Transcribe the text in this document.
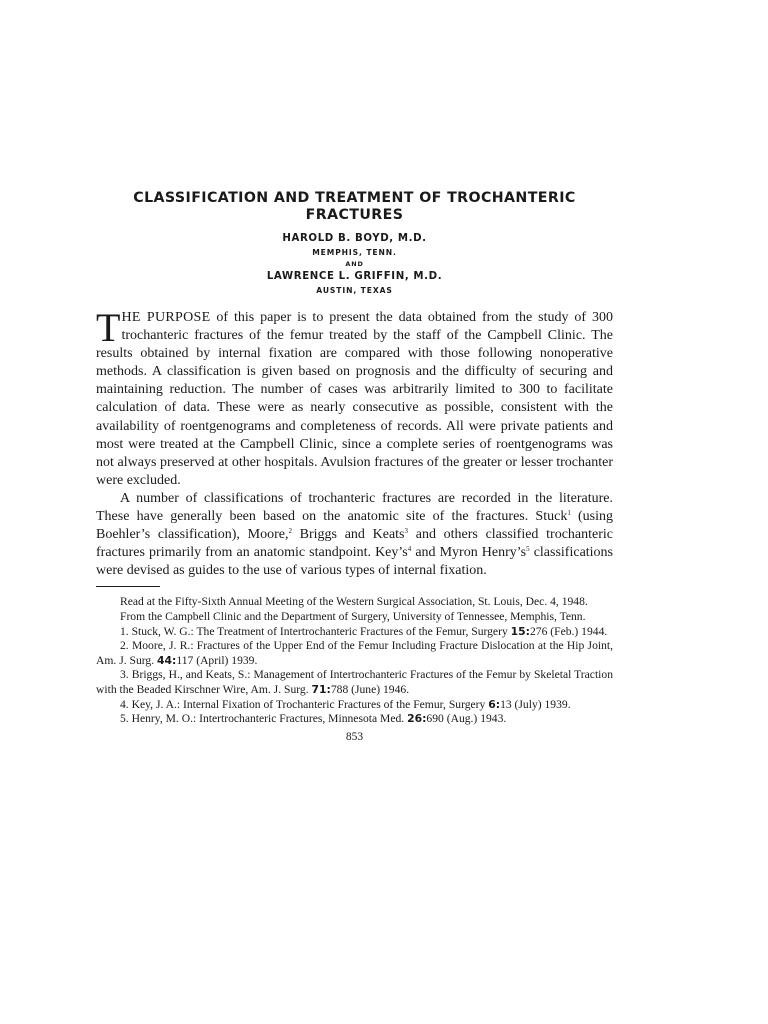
CLASSIFICATION AND TREATMENT OF TROCHANTERIC
FRACTURES
HAROLD B. BOYD, M.D.
MEMPHIS, TENN.
AND
LAWRENCE L. GRIFFIN, M.D.
AUSTIN, TEXAS

THE PURPOSE of this paper is to present the data obtained from the study of 300 trochanteric fractures of the femur treated by the staff of the Campbell Clinic. The results obtained by internal fixation are compared with those following nonoperative methods. A classification is given based on prognosis and the difficulty of securing and maintaining reduction. The number of cases was arbitrarily limited to 300 to facilitate calculation of data. These were as nearly consecutive as possible, consistent with the availability of roentgenograms and completeness of records. All were private patients and most were treated at the Campbell Clinic, since a complete series of roentgenograms was not always preserved at other hospitals. Avulsion fractures of the greater or lesser trochanter were excluded.

A number of classifications of trochanteric fractures are recorded in the literature. These have generally been based on the anatomic site of the fractures. Stuck$^1$ (using Boehler’s classification), Moore,$^2$ Briggs and Keats$^3$ and others classified trochanteric fractures primarily from an anatomic standpoint. $Key’s^4$ and Myron $Henry’s^5$ classifications were devised as guides to the use of various types of internal fixation.

Read at the Fifty-Sixth Annual Meeting of the Western Surgical Association, St. Louis, Dec. 4, 1948.

From the Campbell Clinic and the Department of Surgery, University of Tennessee, Memphis, Tenn.

1. Stuck, W. G.: The Treatment of Intertrochanteric Fractures of the Femur, Surgery 15:276 (Feb.) 1944.

2. Moore, J. R.: Fractures of the Upper End of the Femur Including Fracture Dislocation at the Hip Joint, Am. J. Surg. 44:117 (April) 1939.

3. Briggs, H., and Keats, S.: Management of Intertrochanteric Fractures of the Femur by Skeletal Traction with the Beaded Kirschner Wire, Am. J. Surg. 71:788 (June) 1946.

4. Key, J. A.: Internal Fixation of Trochanteric Fractures of the Femur, Surgery 6:13 (July) 1939.

5. Henry, M. O.: Intertrochanteric Fractures, Minnesota Med. 26:690 (Aug.) 1943.

853
